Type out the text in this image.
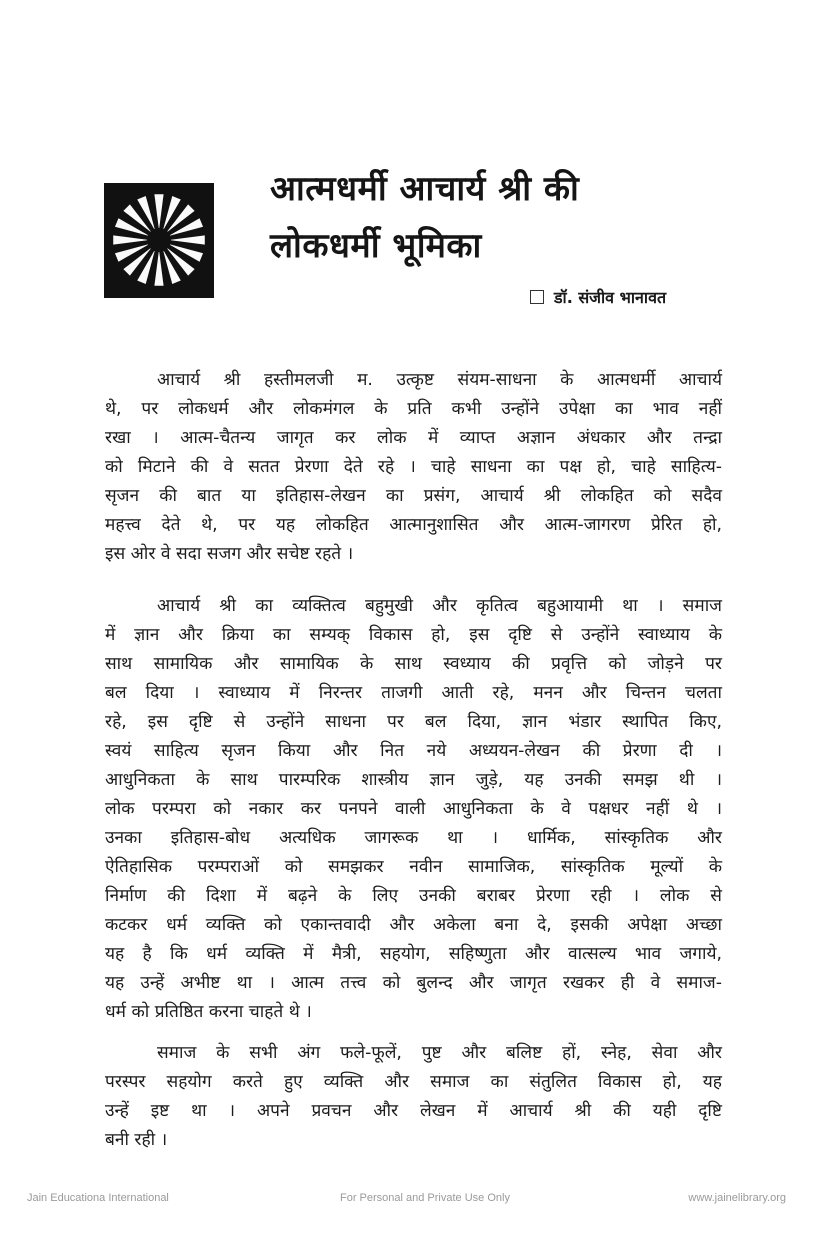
आत्मधर्मी आचार्य श्री की
लोकधर्मी भूमिका
डॉ. संजीव भानावत
आचार्य श्री हस्तीमलजी म. उत्कृष्ट संयम-साधना के आत्मधर्मी आचार्य
थे, पर लोकधर्म और लोकमंगल के प्रति कभी उन्होंने उपेक्षा का भाव नहीं
रखा । आत्म-चैतन्य जागृत कर लोक में व्याप्त अज्ञान अंधकार और तन्द्रा
को मिटाने की वे सतत प्रेरणा देते रहे । चाहे साधना का पक्ष हो, चाहे साहित्य-
सृजन की बात या इतिहास-लेखन का प्रसंग, आचार्य श्री लोकहित को सदैव
महत्त्व देते थे, पर यह लोकहित आत्मानुशासित और आत्म-जागरण प्रेरित हो,
इस ओर वे सदा सजग और सचेष्ट रहते ।
आचार्य श्री का व्यक्तित्व बहुमुखी और कृतित्व बहुआयामी था । समाज
में ज्ञान और क्रिया का सम्यक् विकास हो, इस दृष्टि से उन्होंने स्वाध्याय के
साथ सामायिक और सामायिक के साथ स्वध्याय की प्रवृत्ति को जोड़ने पर
बल दिया । स्वाध्याय में निरन्तर ताजगी आती रहे, मनन और चिन्तन चलता
रहे, इस दृष्टि से उन्होंने साधना पर बल दिया, ज्ञान भंडार स्थापित किए,
स्वयं साहित्य सृजन किया और नित नये अध्ययन-लेखन की प्रेरणा दी ।
आधुनिकता के साथ पारम्परिक शास्त्रीय ज्ञान जुड़े, यह उनकी समझ थी ।
लोक परम्परा को नकार कर पनपने वाली आधुनिकता के वे पक्षधर नहीं थे ।
उनका इतिहास-बोध अत्यधिक जागरूक था । धार्मिक, सांस्कृतिक और
ऐतिहासिक परम्पराओं को समझकर नवीन सामाजिक, सांस्कृतिक मूल्यों के
निर्माण की दिशा में बढ़ने के लिए उनकी बराबर प्रेरणा रही । लोक से
कटकर धर्म व्यक्ति को एकान्तवादी और अकेला बना दे, इसकी अपेक्षा अच्छा
यह है कि धर्म व्यक्ति में मैत्री, सहयोग, सहिष्णुता और वात्सल्य भाव जगाये,
यह उन्हें अभीष्ट था । आत्म तत्त्व को बुलन्द और जागृत रखकर ही वे समाज-
धर्म को प्रतिष्ठित करना चाहते थे ।
समाज के सभी अंग फले-फूलें, पुष्ट और बलिष्ट हों, स्नेह, सेवा और
परस्पर सहयोग करते हुए व्यक्ति और समाज का संतुलित विकास हो, यह
उन्हें इष्ट था । अपने प्रवचन और लेखन में आचार्य श्री की यही दृष्टि
बनी रही ।
Jain Educationa International	For Personal and Private Use Only	www.jainelibrary.org
